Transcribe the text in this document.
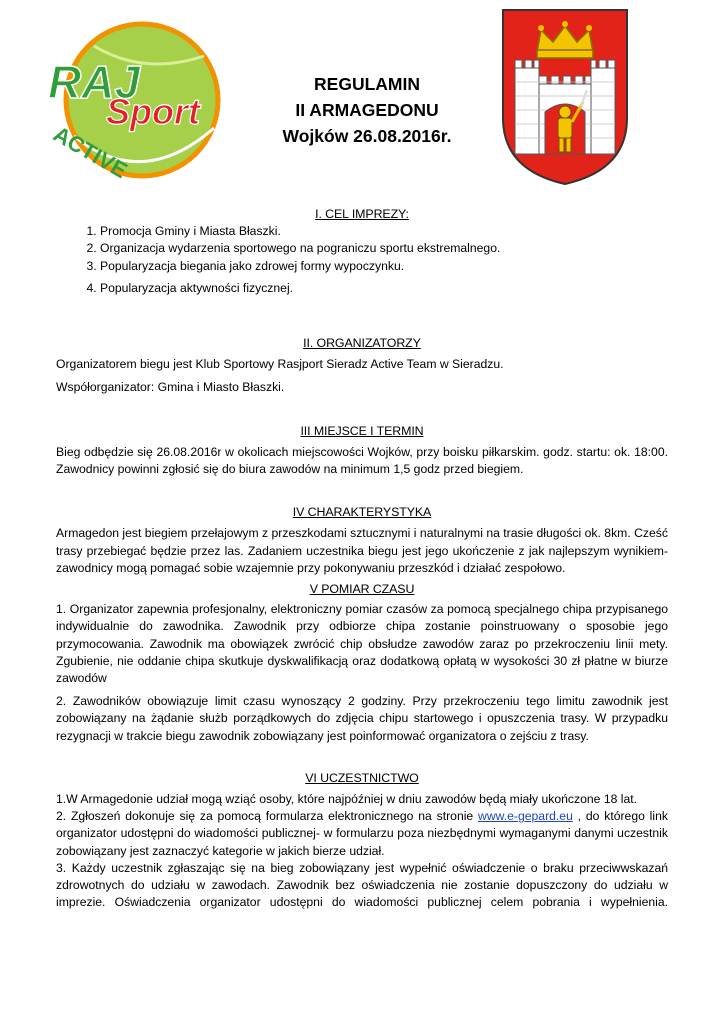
RAJ
Sport
ACTIVE
REGULAMIN
II ARMAGEDONU
Wojków 26.08.2016r.
I. CEL IMPREZY:
1. Promocja Gminy i Miasta Błaszki.
2. Organizacja wydarzenia sportowego na pograniczu sportu ekstremalnego.
3. Popularyzacja biegania jako zdrowej formy wypoczynku.
4. Popularyzacja aktywności fizycznej.
II. ORGANIZATORZY

Organizatorem biegu jest Klub Sportowy Rasjport Sieradz Active Team w Sieradzu.

Współorganizator: Gmina i Miasto Błaszki.

III MIEJSCE I TERMIN

Bieg odbędzie się 26.08.2016r w okolicach miejscowości Wojków, przy boisku piłkarskim. godz. startu: ok. 18:00. Zawodnicy powinni zgłosić się do biura zawodów na minimum 1,5 godz przed biegiem.

IV CHARAKTERYSTYKA

Armagedon jest biegiem przełajowym z przeszkodami sztucznymi i naturalnymi na trasie długości ok. 8km. Cześć trasy przebiegać będzie przez las. Zadaniem uczestnika biegu jest jego ukończenie z jak najlepszym wynikiem- zawodnicy mogą pomagać sobie wzajemnie przy pokonywaniu przeszkód i działać zespołowo.

V POMIAR CZASU

1. Organizator zapewnia profesjonalny, elektroniczny pomiar czasów za pomocą specjalnego chipa przypisanego indywidualnie do zawodnika. Zawodnik przy odbiorze chipa zostanie poinstruowany o sposobie jego przymocowania. Zawodnik ma obowiązek zwrócić chip obsłudze zawodów zaraz po przekroczeniu linii mety. Zgubienie, nie oddanie chipa skutkuje dyskwalifikacją oraz dodatkową opłatą w wysokości 30 zł płatne w biurze zawodów

2. Zawodników obowiązuje limit czasu wynoszący 2 godziny. Przy przekroczeniu tego limitu zawodnik jest zobowiązany na żądanie służb porządkowych do zdjęcia chipu startowego i opuszczenia trasy. W przypadku rezygnacji w trakcie biegu zawodnik zobowiązany jest poinformować organizatora o zejściu z trasy.

VI UCZESTNICTWO

1.W Armagedonie udział mogą wziąć osoby, które najpóźniej w dniu zawodów będą miały ukończone 18 lat.

2. Zgłoszeń dokonuje się za pomocą formularza elektronicznego na stronie www.e-gepard.eu , do którego link organizator udostępni do wiadomości publicznej- w formularzu poza niezbędnymi wymaganymi danymi uczestnik zobowiązany jest zaznaczyć kategorie w jakich bierze udział.

3. Każdy uczestnik zgłaszając się na bieg zobowiązany jest wypełnić oświadczenie o braku przeciwwskazań zdrowotnych do udziału w zawodach. Zawodnik bez oświadczenia nie zostanie dopuszczony do udziału w imprezie. Oświadczenia organizator udostępni do wiadomości publicznej celem pobrania i wypełnienia.
